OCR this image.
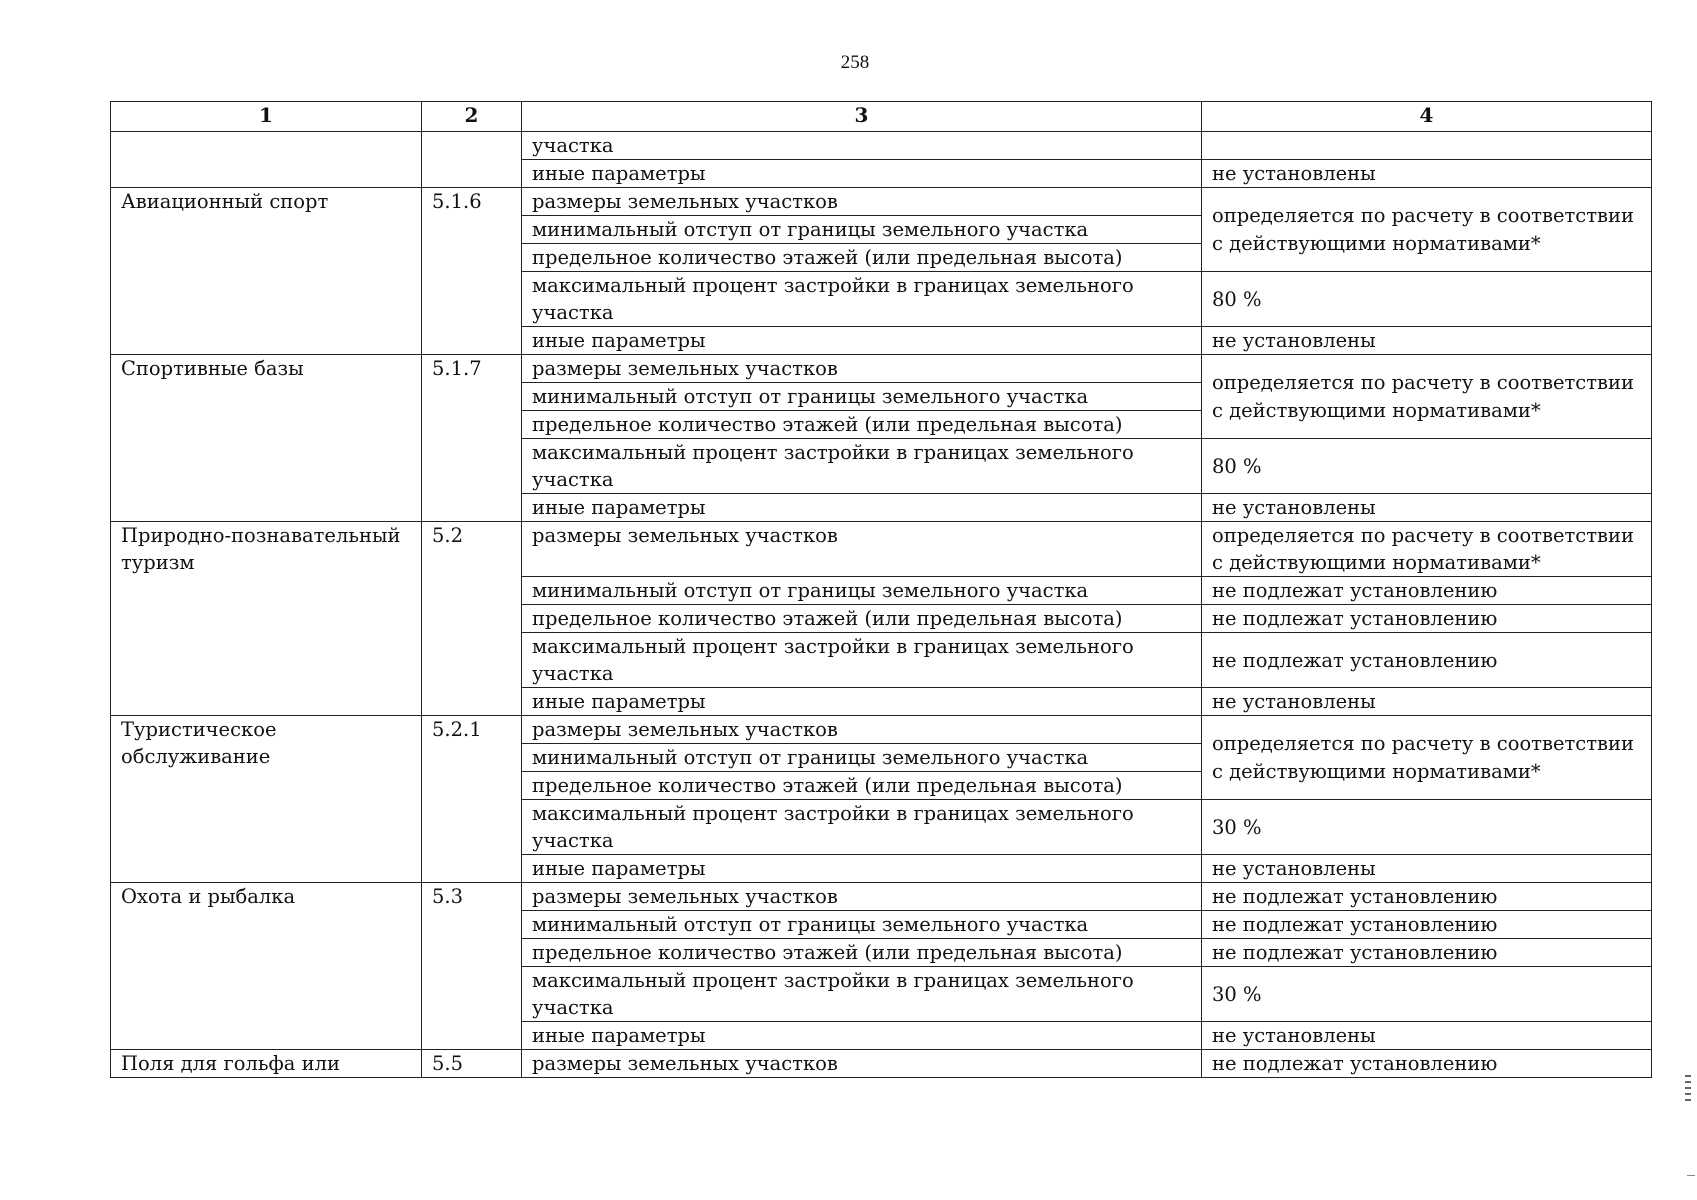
258
1	2	3	4
		участка	
		иные параметры	не установлены
Авиационный спорт	5.1.6	размеры земельных участков	определяется по расчету в соответствии с действующими нормативами*
		минимальный отступ от границы земельного участка	
		предельное количество этажей (или предельная высота)	
		максимальный процент застройки в границах земельного участка	80 %
		иные параметры	не установлены
Спортивные базы	5.1.7	размеры земельных участков	определяется по расчету в соответствии с действующими нормативами*
		минимальный отступ от границы земельного участка	
		предельное количество этажей (или предельная высота)	
		максимальный процент застройки в границах земельного участка	80 %
		иные параметры	не установлены
Природно-познавательный туризм	5.2	размеры земельных участков	определяется по расчету в соответствии с действующими нормативами*
		минимальный отступ от границы земельного участка	не подлежат установлению
		предельное количество этажей (или предельная высота)	не подлежат установлению
		максимальный процент застройки в границах земельного участка	не подлежат установлению
		иные параметры	не установлены
Туристическое обслуживание	5.2.1	размеры земельных участков	определяется по расчету в соответствии с действующими нормативами*
		минимальный отступ от границы земельного участка	
		предельное количество этажей (или предельная высота)	
		максимальный процент застройки в границах земельного участка	30 %
		иные параметры	не установлены
Охота и рыбалка	5.3	размеры земельных участков	не подлежат установлению
		минимальный отступ от границы земельного участка	не подлежат установлению
		предельное количество этажей (или предельная высота)	не подлежат установлению
		максимальный процент застройки в границах земельного участка	30 %
		иные параметры	не установлены
Поля для гольфа или	5.5	размеры земельных участков	не подлежат установлению
